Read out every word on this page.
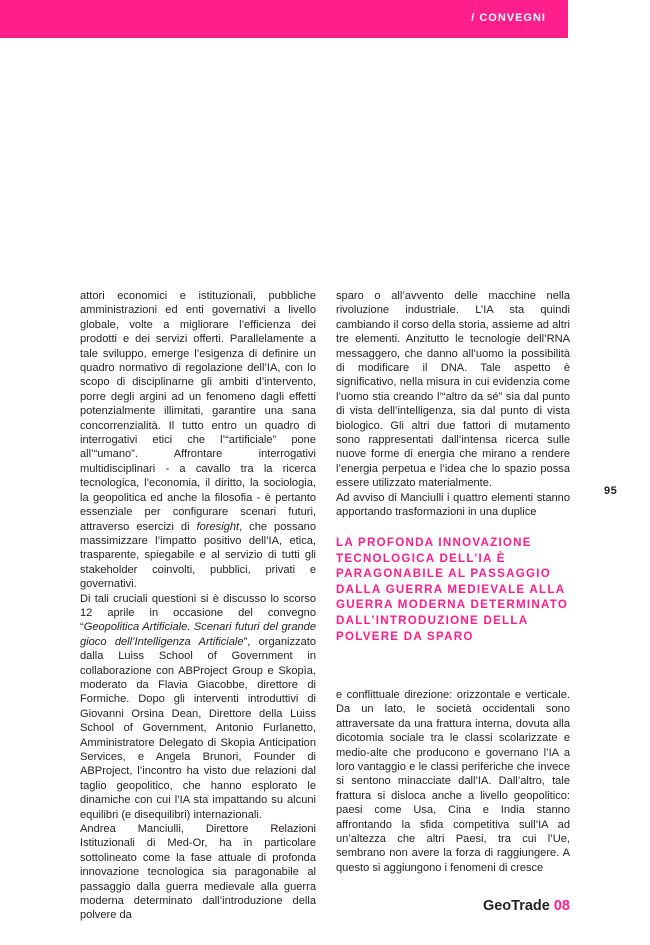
/ CONVEGNI

attori economici e istituzionali, pubbliche amministrazioni ed enti governativi a livello globale, volte a migliorare l’efficienza dei prodotti e dei servizi offerti. Parallelamente a tale sviluppo, emerge l’esigenza di definire un quadro normativo di regolazione dell’IA, con lo scopo di disciplinarne gli ambiti d’intervento, porre degli argini ad un fenomeno dagli effetti potenzialmente illimitati, garantire una sana concorrenzialità. Il tutto entro un quadro di interrogativi etici che l’“artificiale” pone all’“umano”. Affrontare interrogativi multidisciplinari - a cavallo tra la ricerca tecnologica, l’economia, il diritto, la sociologia, la geopolitica ed anche la filosofia - è pertanto essenziale per configurare scenari futuri, attraverso esercizi di foresight, che possano massimizzare l’impatto positivo dell’IA, etica, trasparente, spiegabile e al servizio di tutti gli stakeholder coinvolti, pubblici, privati e governativi.

Di tali cruciali questioni si è discusso lo scorso 12 aprile in occasione del convegno “Geopolitica Artificiale. Scenari futuri del grande gioco dell’Intelligenza Artificiale”, organizzato dalla Luiss School of Government in collaborazione con ABProject Group e Skopìa, moderato da Flavia Giacobbe, direttore di Formiche. Dopo gli interventi introduttivi di Giovanni Orsina Dean, Direttore della Luiss School of Government, Antonio Furlanetto, Amministratore Delegato di Skopìa Anticipation Services, e Angela Brunori, Founder di ABProject, l’incontro ha visto due relazioni dal taglio geopolitico, che hanno esplorato le dinamiche con cui l’IA sta impattando su alcuni equilibri (e disequilibri) internazionali.

Andrea Manciulli, Direttore Relazioni Istituzionali di Med-Or, ha in particolare sottolineato come la fase attuale di profonda innovazione tecnologica sia paragonabile al passaggio dalla guerra medievale alla guerra moderna determinato dall’introduzione della polvere da

sparo o all’avvento delle macchine nella rivoluzione industriale. L’IA sta quindi cambiando il corso della storia, assieme ad altri tre elementi. Anzitutto le tecnologie dell’RNA messaggero, che danno all’uomo la possibilità di modificare il DNA. Tale aspetto è significativo, nella misura in cui evidenzia come l’uomo stia creando l’“altro da sé” sia dal punto di vista dell’intelligenza, sia dal punto di vista biologico. Gli altri due fattori di mutamento sono rappresentati dall’intensa ricerca sulle nuove forme di energia che mirano a rendere l’energia perpetua e l’idea che lo spazio possa essere utilizzato materialmente.

Ad avviso di Manciulli i quattro elementi stanno apportando trasformazioni in una duplice

LA PROFONDA INNOVAZIONE TECNOLOGICA DELL’IA È PARAGONABILE AL PASSAGGIO DALLA GUERRA MEDIEVALE ALLA GUERRA MODERNA DETERMINATO DALL’INTRODUZIONE DELLA POLVERE DA SPARO

e conflittuale direzione: orizzontale e verticale. Da un lato, le società occidentali sono attraversate da una frattura interna, dovuta alla dicotomia sociale tra le classi scolarizzate e medio-alte che producono e governano l’IA a loro vantaggio e le classi periferiche che invece si sentono minacciate dall’IA. Dall’altro, tale frattura si disloca anche a livello geopolitico: paesi come Usa, Cina e India stanno affrontando la sfida competitiva sull’IA ad un’altezza che altri Paesi, tra cui l’Ue, sembrano non avere la forza di raggiungere. A questo si aggiungono i fenomeni di cresce

95
GeoTrade 08
